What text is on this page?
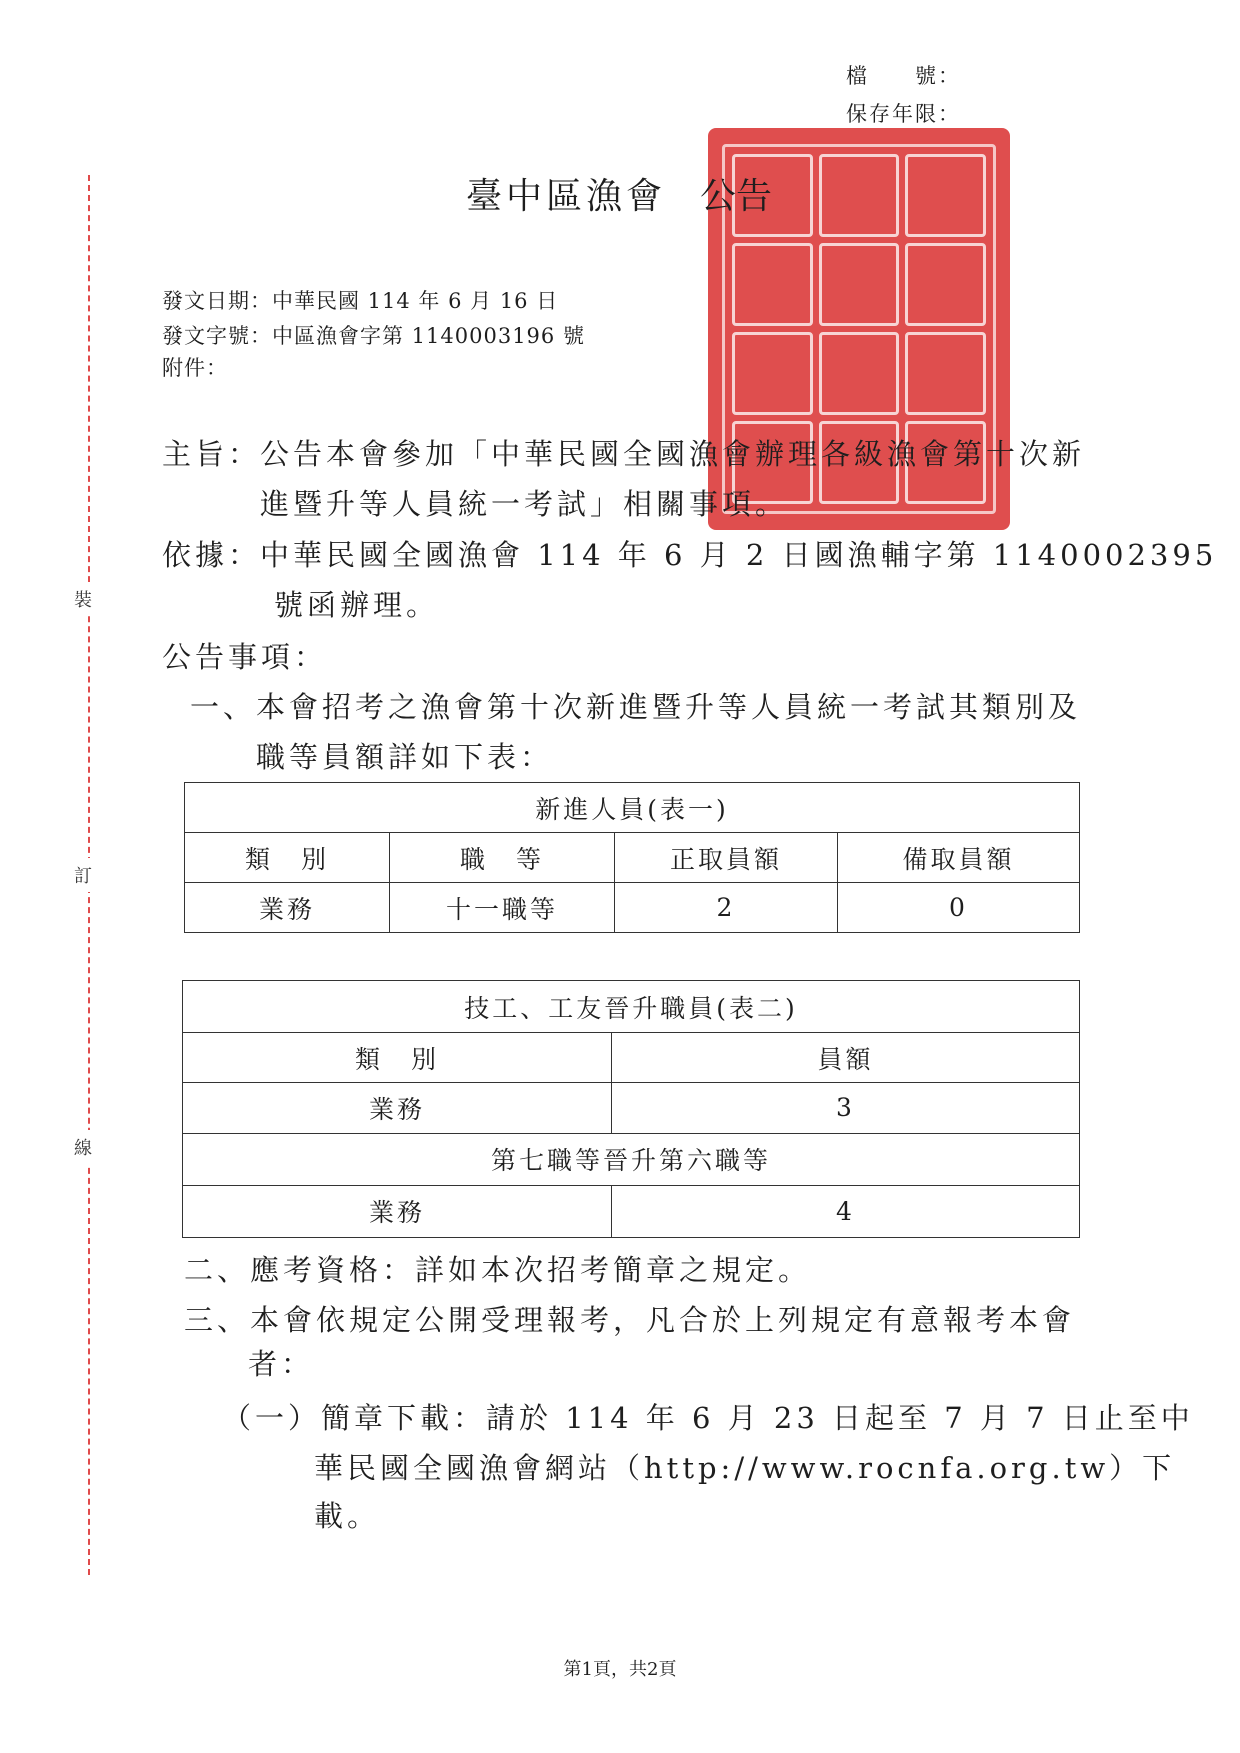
檔　　號：
保存年限：
裝
訂
線
臺中區漁會 公告
發文日期：中華民國 114 年 6 月 16 日
發文字號：中區漁會字第 1140003196 號
附件：
主旨：
公告本會參加「中華民國全國漁會辦理各級漁會第十次新
進暨升等人員統一考試」相關事項。
依據：
中華民國全國漁會 114 年 6 月 2 日國漁輔字第 1140002395
號函辦理。
公告事項：
一、本會招考之漁會第十次新進暨升等人員統一考試其類別及
職等員額詳如下表：
新進人員(表一)			
類　別	職　等	正取員額	備取員額
業務	十一職等	2	0
技工、工友晉升職員(表二)	
類　別	員額
業務	3
第七職等晉升第六職等	
業務	4
二、應考資格：詳如本次招考簡章之規定。
三、本會依規定公開受理報考，凡合於上列規定有意報考本會
者：
（一）簡章下載：請於 114 年 6 月 23 日起至 7 月 7 日止至中
華民國全國漁會網站（http://www.rocnfa.org.tw）下
載。
第1頁，共2頁
